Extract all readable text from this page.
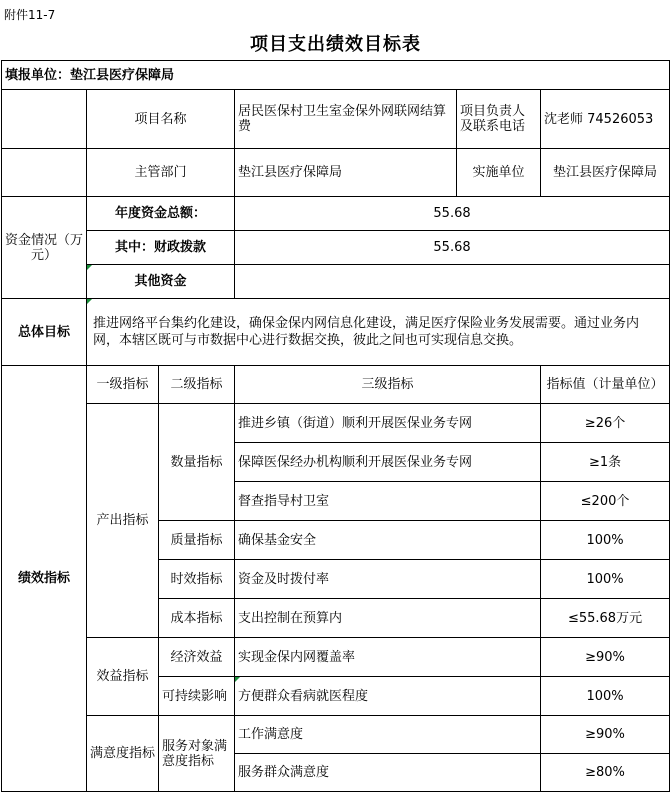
附件11-7
项目支出绩效目标表
填报单位：垫江县医疗保障局					
	项目名称		居民医保村卫生室金保外网联网结算费	项目负责人及联系电话	沈老师 74526053
	主管部门		垫江县医疗保障局	实施单位	垫江县医疗保障局
资金情况（万元）	年度资金总额：		55.68		
	其中：财政拨款		55.68		
	其他资金				
总体目标	推进网络平台集约化建设，确保金保内网信息化建设，满足医疗保险业务发展需要。通过业务内网，本辖区既可与市数据中心进行数据交换，彼此之间也可实现信息交换。				
绩效指标	一级指标	二级指标	三级指标		指标值（计量单位）
	产出指标	数量指标	推进乡镇（街道）顺利开展医保业务专网		≥26个
			保障医保经办机构顺利开展医保业务专网		≥1条
			督查指导村卫室		≤200个
		质量指标	确保基金安全		100%
		时效指标	资金及时拨付率		100%
		成本指标	支出控制在预算内		≤55.68万元
	效益指标	经济效益	实现金保内网覆盖率		≥90%
		可持续影响	方便群众看病就医程度		100%
	满意度指标	服务对象满意度指标	工作满意度		≥90%
			服务群众满意度		≥80%
